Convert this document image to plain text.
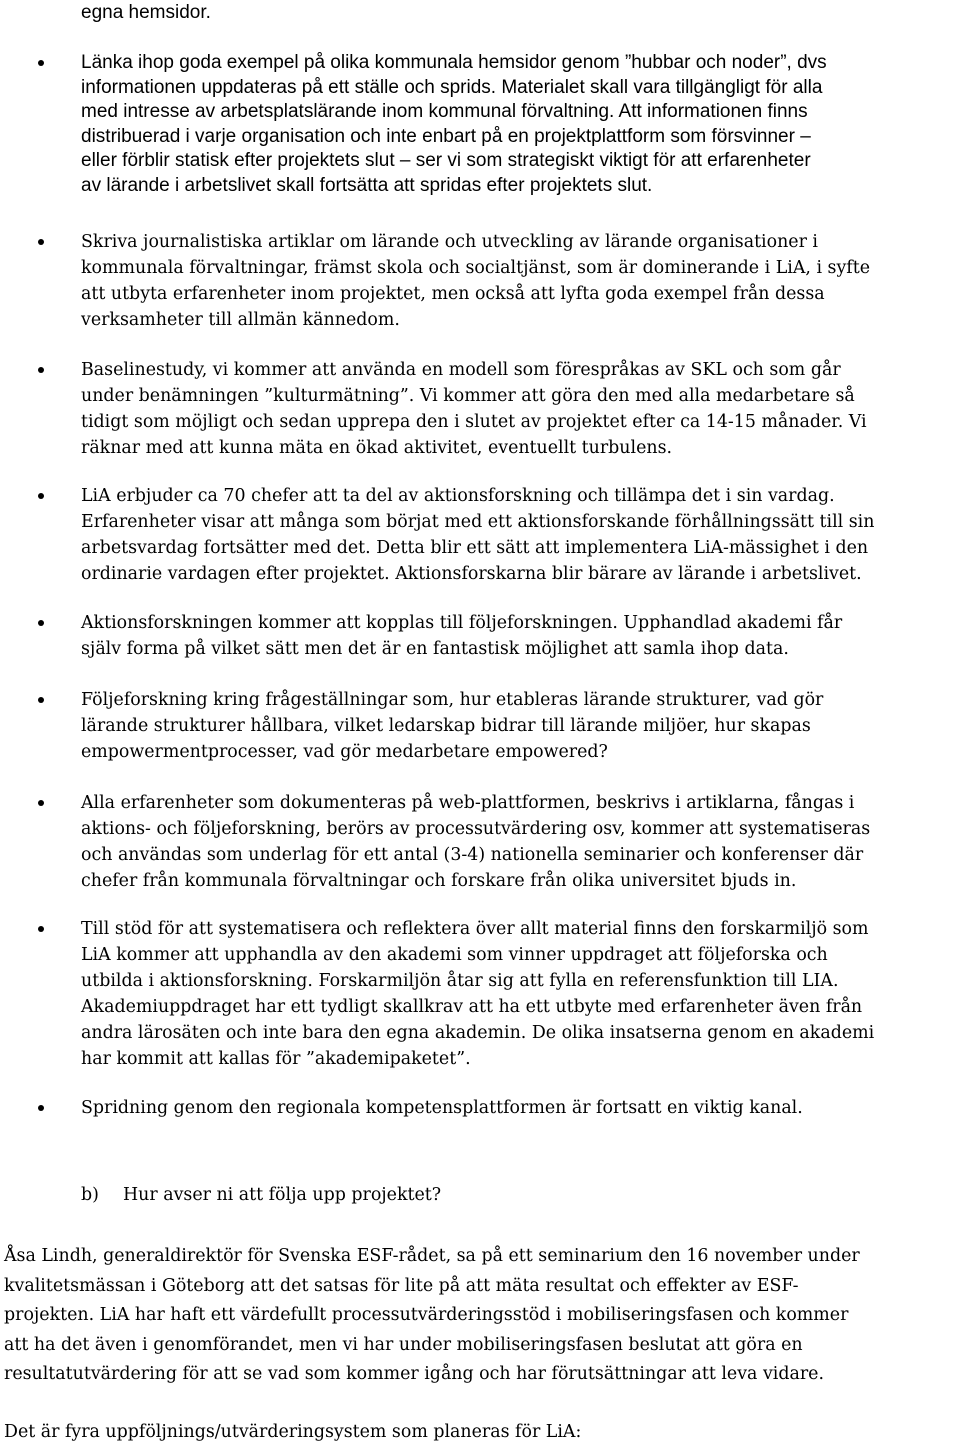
egna hemsidor.

Länka ihop goda exempel på olika kommunala hemsidor genom ”hubbar och noder”, dvs
informationen uppdateras på ett ställe och sprids. Materialet skall vara tillgängligt för alla
med intresse av arbetsplatslärande inom kommunal förvaltning. Att informationen finns
distribuerad i varje organisation och inte enbart på en projektplattform som försvinner –
eller förblir statisk efter projektets slut – ser vi som strategiskt viktigt för att erfarenheter
av lärande i arbetslivet skall fortsätta att spridas efter projektets slut.

Skriva journalistiska artiklar om lärande och utveckling av lärande organisationer i
kommunala förvaltningar, främst skola och socialtjänst, som är dominerande i LiA, i syfte
att utbyta erfarenheter inom projektet, men också att lyfta goda exempel från dessa
verksamheter till allmän kännedom.

Baselinestudy, vi kommer att använda en modell som förespråkas av SKL och som går
under benämningen ”kulturmätning”. Vi kommer att göra den med alla medarbetare så
tidigt som möjligt och sedan upprepa den i slutet av projektet efter ca 14-15 månader. Vi
räknar med att kunna mäta en ökad aktivitet, eventuellt turbulens.

LiA erbjuder ca 70 chefer att ta del av aktionsforskning och tillämpa det i sin vardag.
Erfarenheter visar att många som börjat med ett aktionsforskande förhållningssätt till sin
arbetsvardag fortsätter med det. Detta blir ett sätt att implementera LiA-mässighet i den
ordinarie vardagen efter projektet. Aktionsforskarna blir bärare av lärande i arbetslivet.

Aktionsforskningen kommer att kopplas till följeforskningen. Upphandlad akademi får
själv forma på vilket sätt men det är en fantastisk möjlighet att samla ihop data.

Följeforskning kring frågeställningar som, hur etableras lärande strukturer, vad gör
lärande strukturer hållbara, vilket ledarskap bidrar till lärande miljöer, hur skapas
empowermentprocesser, vad gör medarbetare empowered?

Alla erfarenheter som dokumenteras på web-plattformen, beskrivs i artiklarna, fångas i
aktions- och följeforskning, berörs av processutvärdering osv, kommer att systematiseras
och användas som underlag för ett antal (3-4) nationella seminarier och konferenser där
chefer från kommunala förvaltningar och forskare från olika universitet bjuds in.

Till stöd för att systematisera och reflektera över allt material finns den forskarmiljö som
LiA kommer att upphandla av den akademi som vinner uppdraget att följeforska och
utbilda i aktionsforskning. Forskarmiljön åtar sig att fylla en referensfunktion till LIA.
Akademiuppdraget har ett tydligt skallkrav att ha ett utbyte med erfarenheter även från
andra lärosäten och inte bara den egna akademin. De olika insatserna genom en akademi
har kommit att kallas för ”akademipaketet”.

Spridning genom den regionala kompetensplattformen är fortsatt en viktig kanal.

b) Hur avser ni att följa upp projektet?

Åsa Lindh, generaldirektör för Svenska ESF-rådet, sa på ett seminarium den 16 november under
kvalitetsmässan i Göteborg att det satsas för lite på att mäta resultat och effekter av ESF-
projekten. LiA har haft ett värdefullt processutvärderingsstöd i mobiliseringsfasen och kommer
att ha det även i genomförandet, men vi har under mobiliseringsfasen beslutat att göra en
resultatutvärdering för att se vad som kommer igång och har förutsättningar att leva vidare.

Det är fyra uppföljnings/utvärderingsystem som planeras för LiA:
